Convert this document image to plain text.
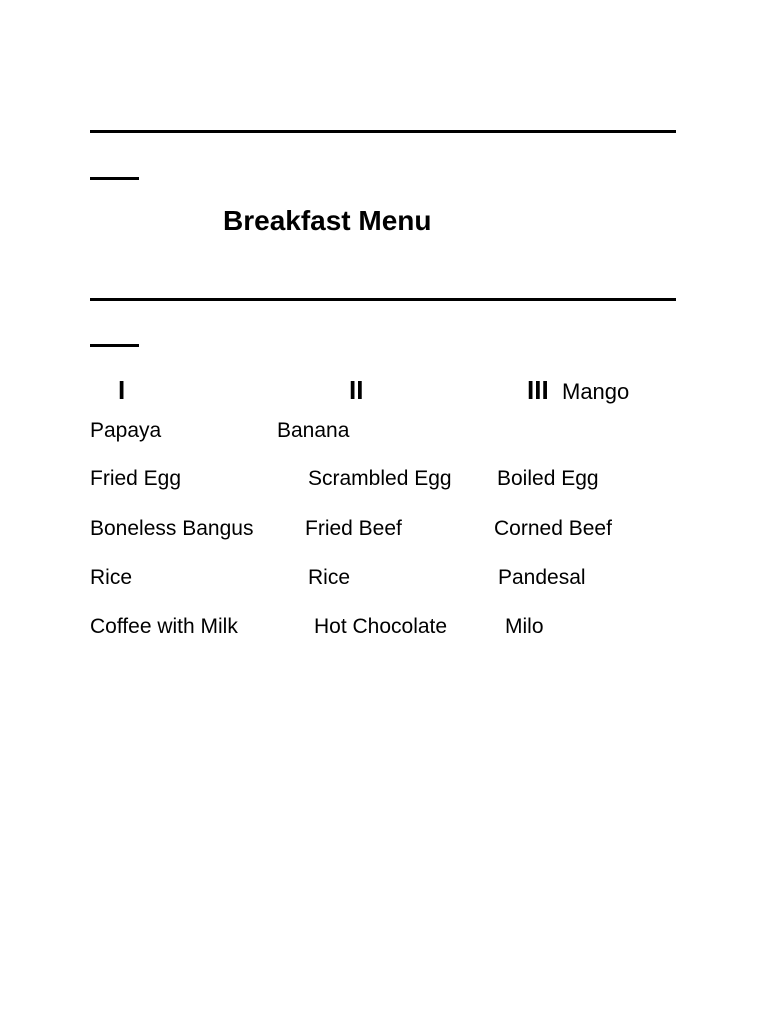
Breakfast Menu
I	II	III Mango
Papaya
Fried Egg
Boneless Bangus
Rice
Coffee with Milk
Banana
Scrambled Egg
Fried Beef
Rice
Hot Chocolate
Boiled Egg
Corned Beef
Pandesal
Milo
